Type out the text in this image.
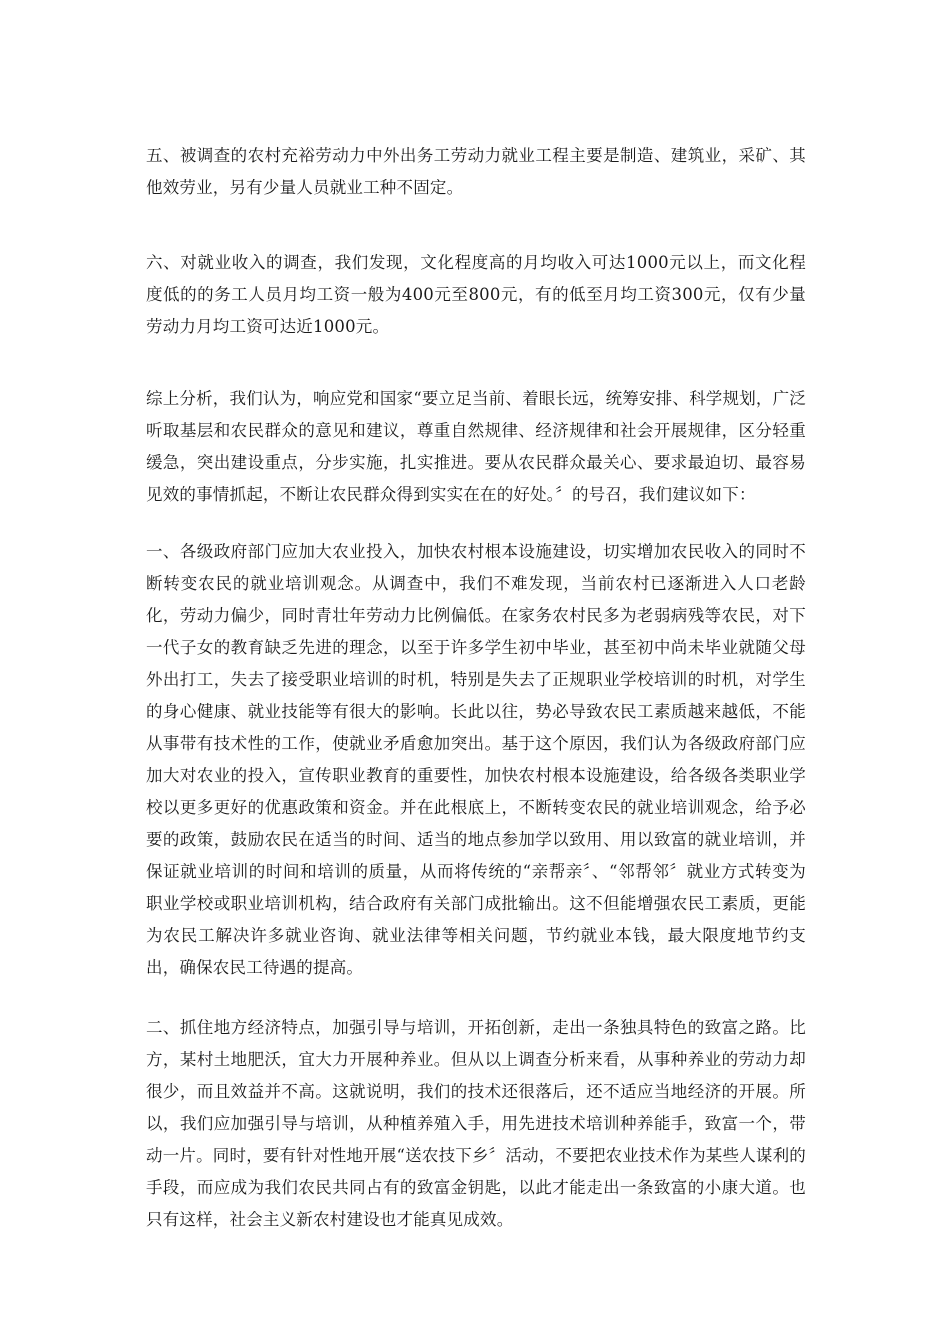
五、被调查的农村充裕劳动力中外出务工劳动力就业工程主要是制造、建筑业，采矿、其他效劳业，另有少量人员就业工种不固定。

六、对就业收入的调查，我们发现，文化程度高的月均收入可达1000元以上，而文化程度低的的务工人员月均工资一般为400元至800元，有的低至月均工资300元，仅有少量劳动力月均工资可达近1000元。

综上分析，我们认为，响应党和国家“要立足当前、着眼长远，统筹安排、科学规划，广泛听取基层和农民群众的意见和建议，尊重自然规律、经济规律和社会开展规律，区分轻重缓急，突出建设重点，分步实施，扎实推进。要从农民群众最关心、要求最迫切、最容易见效的事情抓起，不断让农民群众得到实实在在的好处。〞的号召，我们建议如下：

一、各级政府部门应加大农业投入，加快农村根本设施建设，切实增加农民收入的同时不断转变农民的就业培训观念。从调查中，我们不难发现，当前农村已逐渐进入人口老龄化，劳动力偏少，同时青壮年劳动力比例偏低。在家务农村民多为老弱病残等农民，对下一代子女的教育缺乏先进的理念，以至于许多学生初中毕业，甚至初中尚未毕业就随父母外出打工，失去了接受职业培训的时机，特别是失去了正规职业学校培训的时机，对学生的身心健康、就业技能等有很大的影响。长此以往，势必导致农民工素质越来越低，不能从事带有技术性的工作，使就业矛盾愈加突出。基于这个原因，我们认为各级政府部门应加大对农业的投入，宣传职业教育的重要性，加快农村根本设施建设，给各级各类职业学校以更多更好的优惠政策和资金。并在此根底上，不断转变农民的就业培训观念，给予必要的政策，鼓励农民在适当的时间、适当的地点参加学以致用、用以致富的就业培训，并保证就业培训的时间和培训的质量，从而将传统的“亲帮亲〞、“邻帮邻〞就业方式转变为职业学校或职业培训机构，结合政府有关部门成批输出。这不但能增强农民工素质，更能为农民工解决许多就业咨询、就业法律等相关问题，节约就业本钱，最大限度地节约支出，确保农民工待遇的提高。

二、抓住地方经济特点，加强引导与培训，开拓创新，走出一条独具特色的致富之路。比方，某村土地肥沃，宜大力开展种养业。但从以上调查分析来看，从事种养业的劳动力却很少，而且效益并不高。这就说明，我们的技术还很落后，还不适应当地经济的开展。所以，我们应加强引导与培训，从种植养殖入手，用先进技术培训种养能手，致富一个，带动一片。同时，要有针对性地开展“送农技下乡〞活动，不要把农业技术作为某些人谋利的手段，而应成为我们农民共同占有的致富金钥匙，以此才能走出一条致富的小康大道。也只有这样，社会主义新农村建设也才能真见成效。
